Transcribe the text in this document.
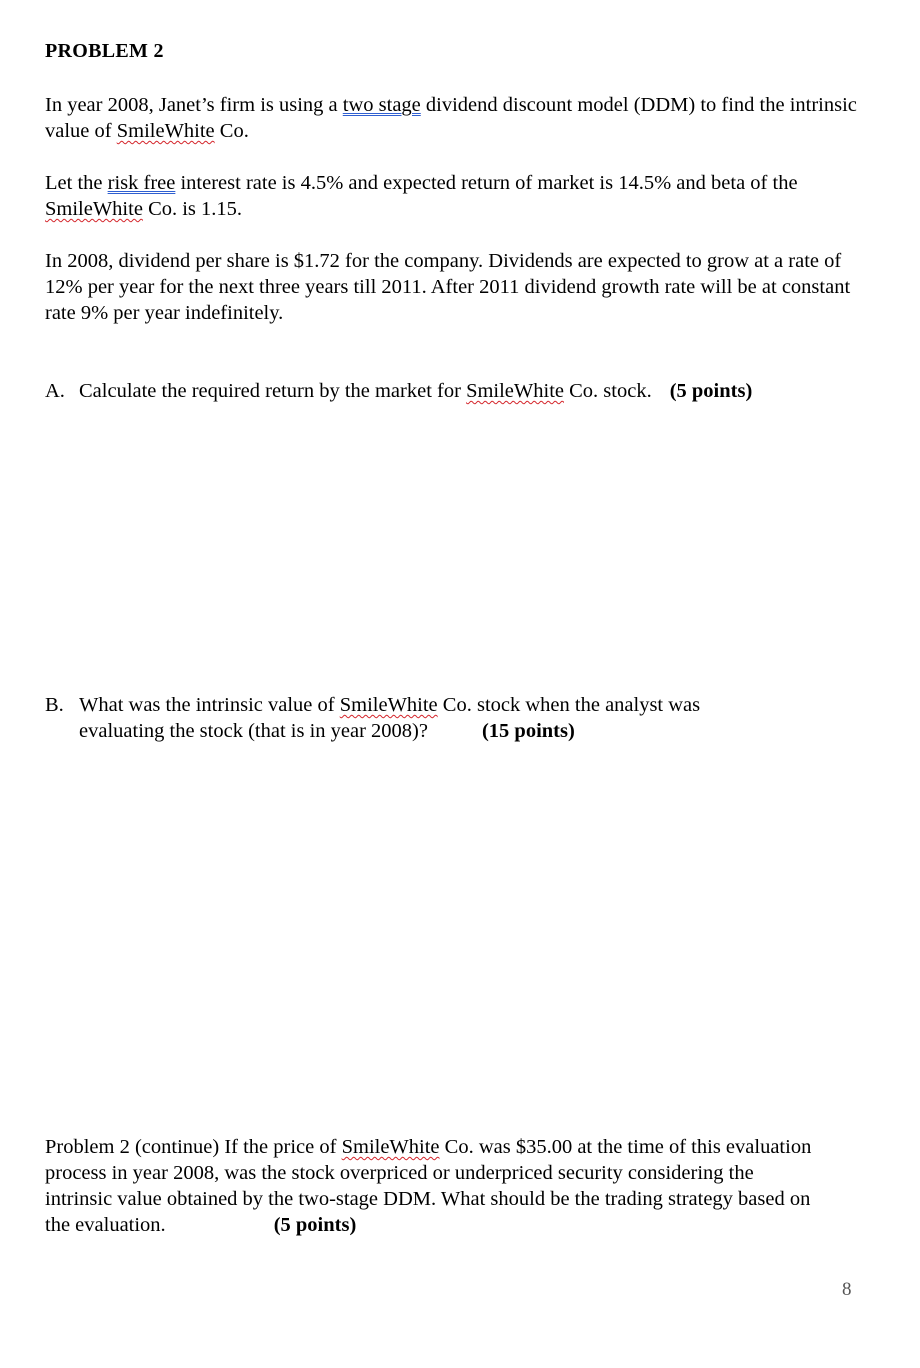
PROBLEM 2

In year 2008, Janet’s firm is using a two stage dividend discount model (DDM) to find the intrinsic value of SmileWhite Co.

Let the risk free interest rate is 4.5% and expected return of market is 14.5% and beta of the SmileWhite Co. is 1.15.

In 2008, dividend per share is $1.72 for the company. Dividends are expected to grow at a rate of 12% per year for the next three years till 2011. After 2011 dividend growth rate will be at constant rate 9% per year indefinitely.

A. Calculate the required return by the market for SmileWhite Co. stock. (5 points)
B. What was the intrinsic value of SmileWhite Co. stock when the analyst was evaluating the stock (that is in year 2008)?	(15 points)

Problem 2 (continue) If the price of SmileWhite Co. was $35.00 at the time of this evaluation process in year 2008, was the stock overpriced or underpriced security considering the intrinsic value obtained by the two-stage DDM. What should be the trading strategy based on the evaluation.	(5 points)

8
